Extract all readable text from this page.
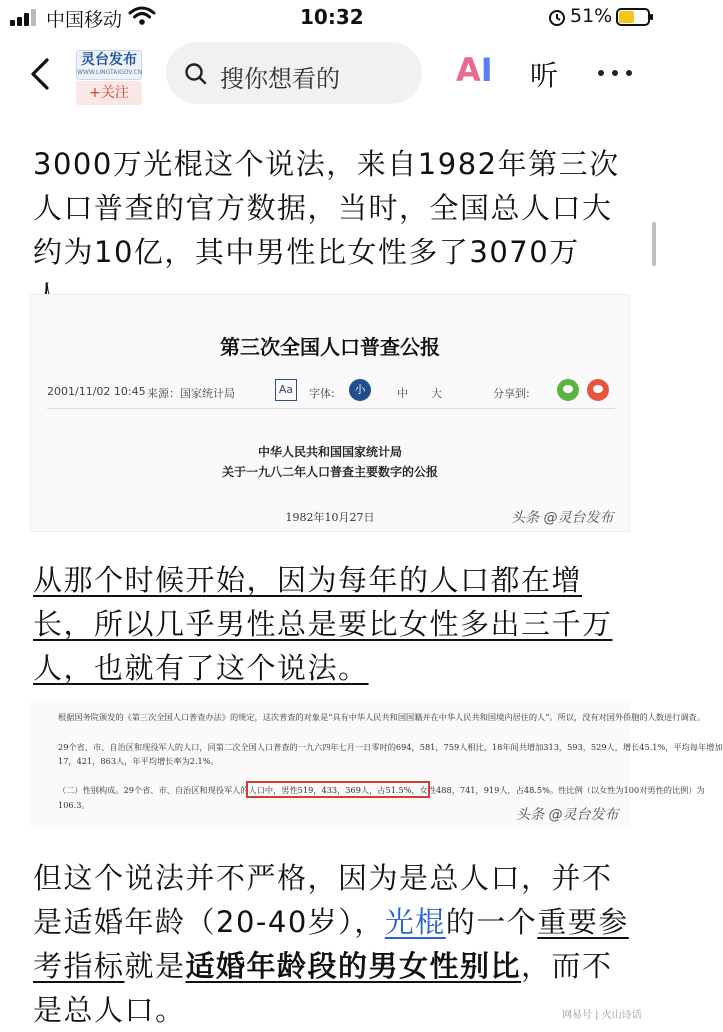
中国移动	10:32	51%
灵台发布
WWW.LINGTAIGOV.CN
+关注	搜你想看的	AI 听

3000万光棍这个说法，来自1982年第三次人口普查的官方数据，当时，全国总人口大约为10亿，其中男性比女性多了3070万

第三次全国人口普查公报
2001/11/02 10:45 来源：国家统计局	Aa	字体:	小	中 大	分享到:
中华人民共和国国家统计局
关于一九八二年人口普查主要数字的公报
1982年10月27日	头条 @灵台发布

从那个时候开始，因为每年的人口都在增长，所以几乎男性总是要比女性多出三千万人，也就有了这个说法。

根据国务院颁发的《第三次全国人口普查办法》的规定，这次普查的对象是“具有中华人民共和国国籍并在中华人民共和国境内居住的人”。所以，没有对国外侨胞的人数进行调查。
29个省、市、自治区和现役军人的人口，同第二次全国人口普查的一九六四年七月一日零时的694，581，759人相比，18年间共增加313，593，529人，增长45.1%，平均每年增加
17，421，863人，年平均增长率为2.1%。
（二）性别构成。29个省、市、自治区和现役军人的人口中，男性519，433，369人，占51.5%，女性488，741，919人，占48.5%。性比例（以女性为100对男性的比例）为
106.3。
头条 @灵台发布

但这个说法并不严格，因为是总人口，并不是适婚年龄（20-40岁），光棍的一个重要参考指标就是适婚年龄段的男女性别比，而不是总人口。	网易号 | 火山诗话
